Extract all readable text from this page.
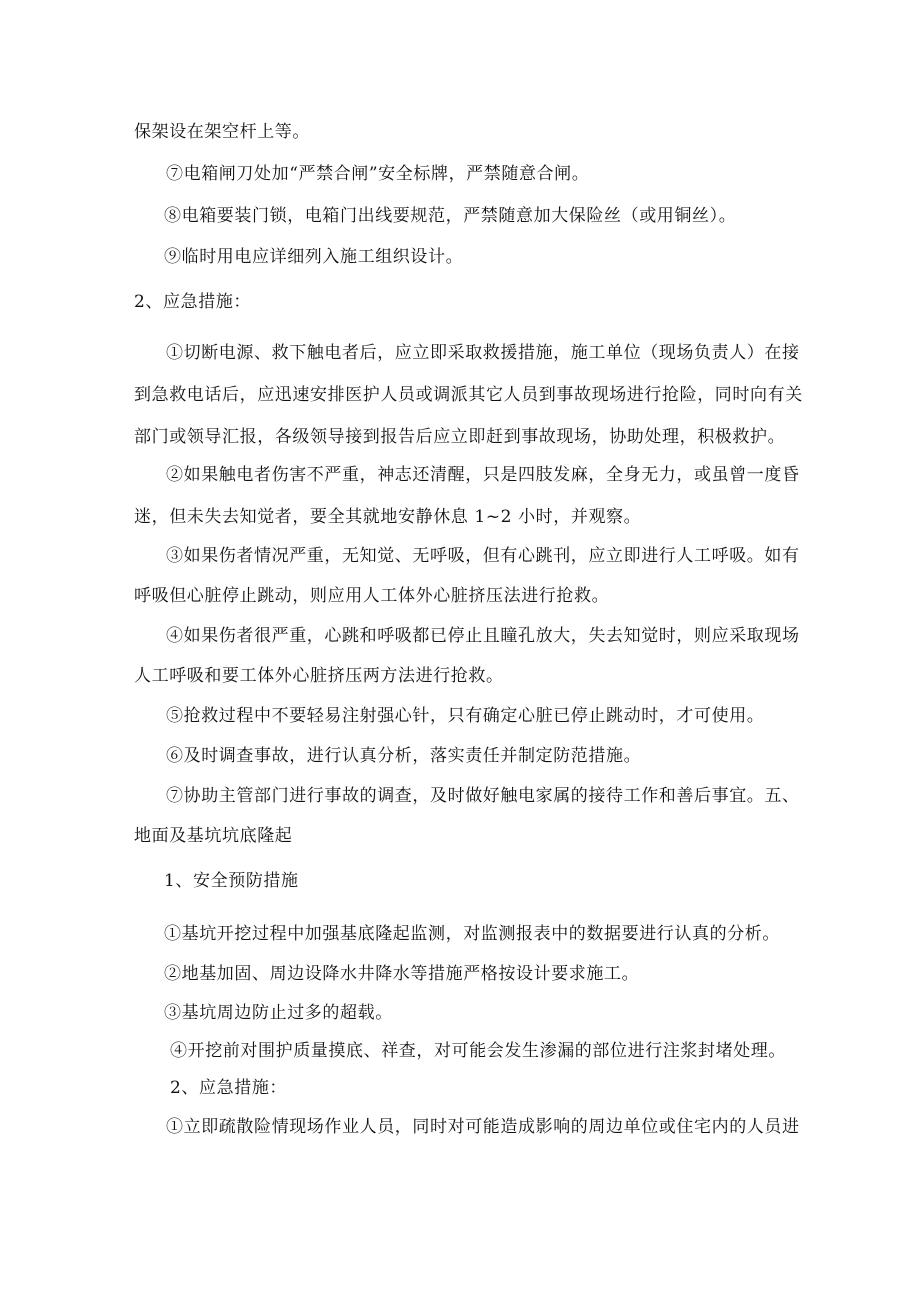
保架设在架空杆上等。
⑦电箱闸刀处加“严禁合闸”安全标牌，严禁随意合闸。
⑧电箱要装门锁，电箱门出线要规范，严禁随意加大保险丝（或用铜丝）。
⑨临时用电应详细列入施工组织设计。
2、应急措施：
①切断电源、救下触电者后，应立即采取救援措施，施工单位（现场负责人）在接
到急救电话后，应迅速安排医护人员或调派其它人员到事故现场进行抢险，同时向有关
部门或领导汇报，各级领导接到报告后应立即赶到事故现场，协助处理，积极救护。
②如果触电者伤害不严重，神志还清醒，只是四肢发麻，全身无力，或虽曾一度昏
迷，但未失去知觉者，要全其就地安静休息 1~2 小时，并观察。
③如果伤者情况严重，无知觉、无呼吸，但有心跳刊，应立即进行人工呼吸。如有
呼吸但心脏停止跳动，则应用人工体外心脏挤压法进行抢救。
④如果伤者很严重，心跳和呼吸都已停止且瞳孔放大，失去知觉时，则应采取现场
人工呼吸和要工体外心脏挤压两方法进行抢救。
⑤抢救过程中不要轻易注射强心针，只有确定心脏已停止跳动时，才可使用。
⑥及时调查事故，进行认真分析，落实责任并制定防范措施。
⑦协助主管部门进行事故的调查，及时做好触电家属的接待工作和善后事宜。五、
地面及基坑坑底隆起
1、安全预防措施
①基坑开挖过程中加强基底隆起监测，对监测报表中的数据要进行认真的分析。
②地基加固、周边设降水井降水等措施严格按设计要求施工。
③基坑周边防止过多的超载。
④开挖前对围护质量摸底、祥查，对可能会发生渗漏的部位进行注浆封堵处理。
2、应急措施：
①立即疏散险情现场作业人员，同时对可能造成影响的周边单位或住宅内的人员进
